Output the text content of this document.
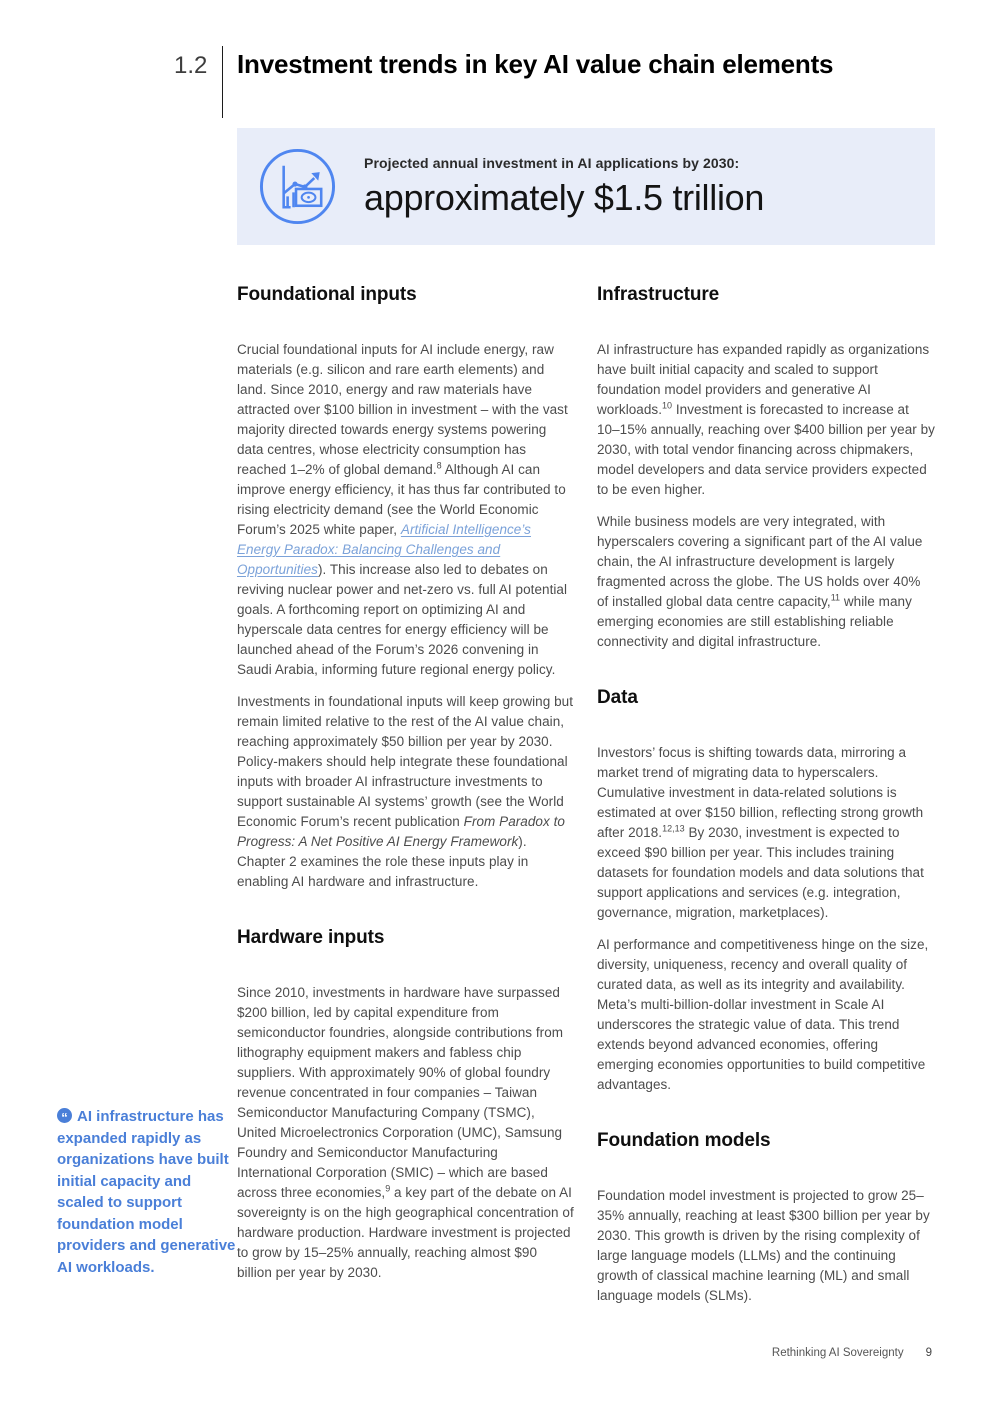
1.2 Investment trends in key AI value chain elements
Projected annual investment in AI applications by 2030:
approximately $1.5 trillion
Foundational inputs

Crucial foundational inputs for AI include energy, raw materials (e.g. silicon and rare earth elements) and land. Since 2010, energy and raw materials have attracted over $100 billion in investment – with the vast majority directed towards energy systems powering data centres, whose electricity consumption has reached 1–2% of global demand.$^8$ Although AI can improve energy efficiency, it has thus far contributed to rising electricity demand (see the World Economic Forum’s 2025 white paper, Artificial Intelligence’s Energy Paradox: Balancing Challenges and Opportunities). This increase also led to debates on reviving nuclear power and net-zero vs. full AI potential goals. A forthcoming report on optimizing AI and hyperscale data centres for energy efficiency will be launched ahead of the Forum’s 2026 convening in Saudi Arabia, informing future regional energy policy.

Investments in foundational inputs will keep growing but remain limited relative to the rest of the AI value chain, reaching approximately $50 billion per year by 2030. Policy-makers should help integrate these foundational inputs with broader AI infrastructure investments to support sustainable AI systems’ growth (see the World Economic Forum’s recent publication From Paradox to Progress: A Net Positive AI Energy Framework). Chapter 2 examines the role these inputs play in enabling AI hardware and infrastructure.

Hardware inputs

Since 2010, investments in hardware have surpassed $200 billion, led by capital expenditure from semiconductor foundries, alongside contributions from lithography equipment makers and fabless chip suppliers. With approximately 90% of global foundry revenue concentrated in four companies – Taiwan Semiconductor Manufacturing Company (TSMC), United Microelectronics Corporation (UMC), Samsung Foundry and Semiconductor Manufacturing International Corporation (SMIC) – which are based across three economies,$^9$ a key part of the debate on AI sovereignty is on the high geographical concentration of hardware production. Hardware investment is projected to grow by 15–25% annually, reaching almost $90 billion per year by 2030.

Infrastructure

AI infrastructure has expanded rapidly as organizations have built initial capacity and scaled to support foundation model providers and generative AI workloads.$^{10}$ Investment is forecasted to increase at 10–15% annually, reaching over $400 billion per year by 2030, with total vendor financing across chipmakers, model developers and data service providers expected to be even higher.

While business models are very integrated, with hyperscalers covering a significant part of the AI value chain, the AI infrastructure development is largely fragmented across the globe. The US holds over 40% of installed global data centre capacity,$^{11}$ while many emerging economies are still establishing reliable connectivity and digital infrastructure.

Data

Investors’ focus is shifting towards data, mirroring a market trend of migrating data to hyperscalers. Cumulative investment in data-related solutions is estimated at over $150 billion, reflecting strong growth after 2018.$^{12,13}$ By 2030, investment is expected to exceed $90 billion per year. This includes training datasets for foundation models and data solutions that support applications and services (e.g. integration, governance, migration, marketplaces).

AI performance and competitiveness hinge on the size, diversity, uniqueness, recency and overall quality of curated data, as well as its integrity and availability. Meta’s multi-billion-dollar investment in Scale AI underscores the strategic value of data. This trend extends beyond advanced economies, offering emerging economies opportunities to build competitive advantages.

Foundation models

Foundation model investment is projected to grow 25–35% annually, reaching at least $300 billion per year by 2030. This growth is driven by the rising complexity of large language models (LLMs) and the continuing growth of classical machine learning (ML) and small language models (SLMs).

“ AI infrastructure has expanded rapidly as organizations have built initial capacity and scaled to support foundation model providers and generative AI workloads.
Rethinking AI Sovereignty 9
